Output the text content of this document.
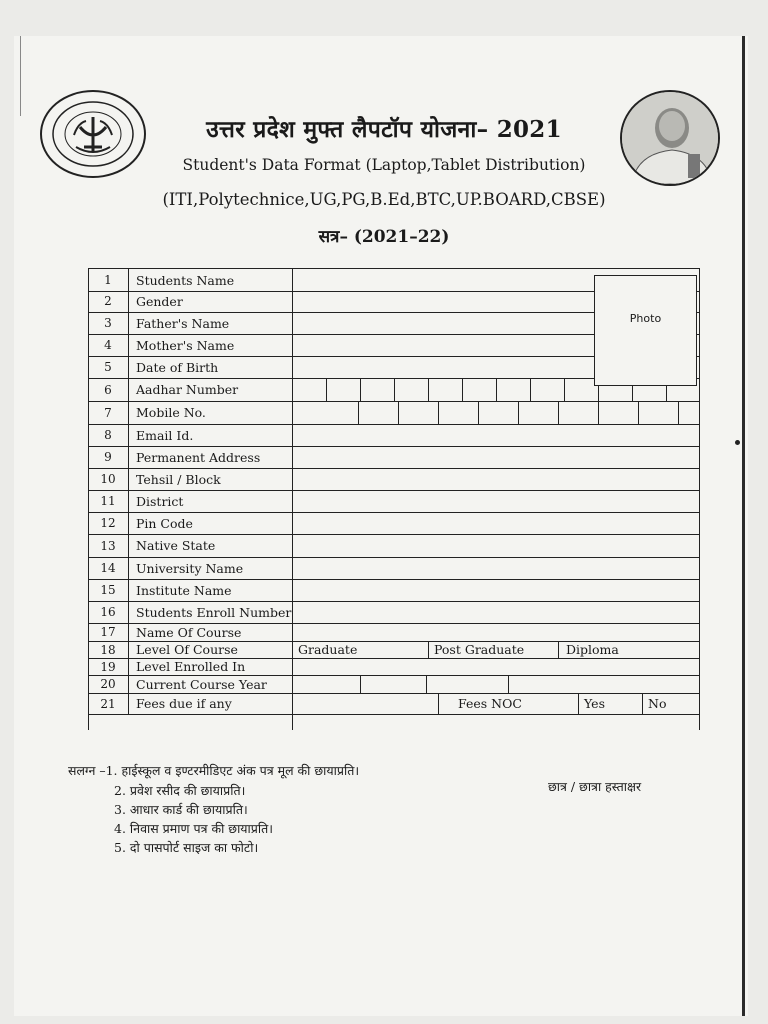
उत्तर प्रदेश मुफ्त लैपटॉप योजना– 2021
Student's Data Format (Laptop,Tablet Distribution)
(ITI,Polytechnice,UG,PG,B.Ed,BTC,UP.BOARD,CBSE)
सत्र– (2021–22)
1	Students Name
2	Gender
3	Father's Name
4	Mother's Name
5	Date of Birth
6	Aadhar Number
7	Mobile No.
8	Email Id.
9	Permanent Address
10	Tehsil / Block
11	District
12	Pin Code
13	Native State
14	University Name
15	Institute Name
16	Students Enroll Number
17	Name Of Course
18	Level Of Course	Graduate	Post Graduate	Diploma
19	Level Enrolled In
20	Current Course Year
21	Fees due if any	Fees NOC	Yes	No
Photo
सलग्न –1. हाईस्कूल व इण्टरमीडिएट अंक पत्र मूल की छायाप्रति।
2. प्रवेश रसीद की छायाप्रति।
3. आधार कार्ड की छायाप्रति।
4. निवास प्रमाण पत्र की छायाप्रति।
5. दो पासपोर्ट साइज का फोटो।
छात्र / छात्रा हस्ताक्षर
